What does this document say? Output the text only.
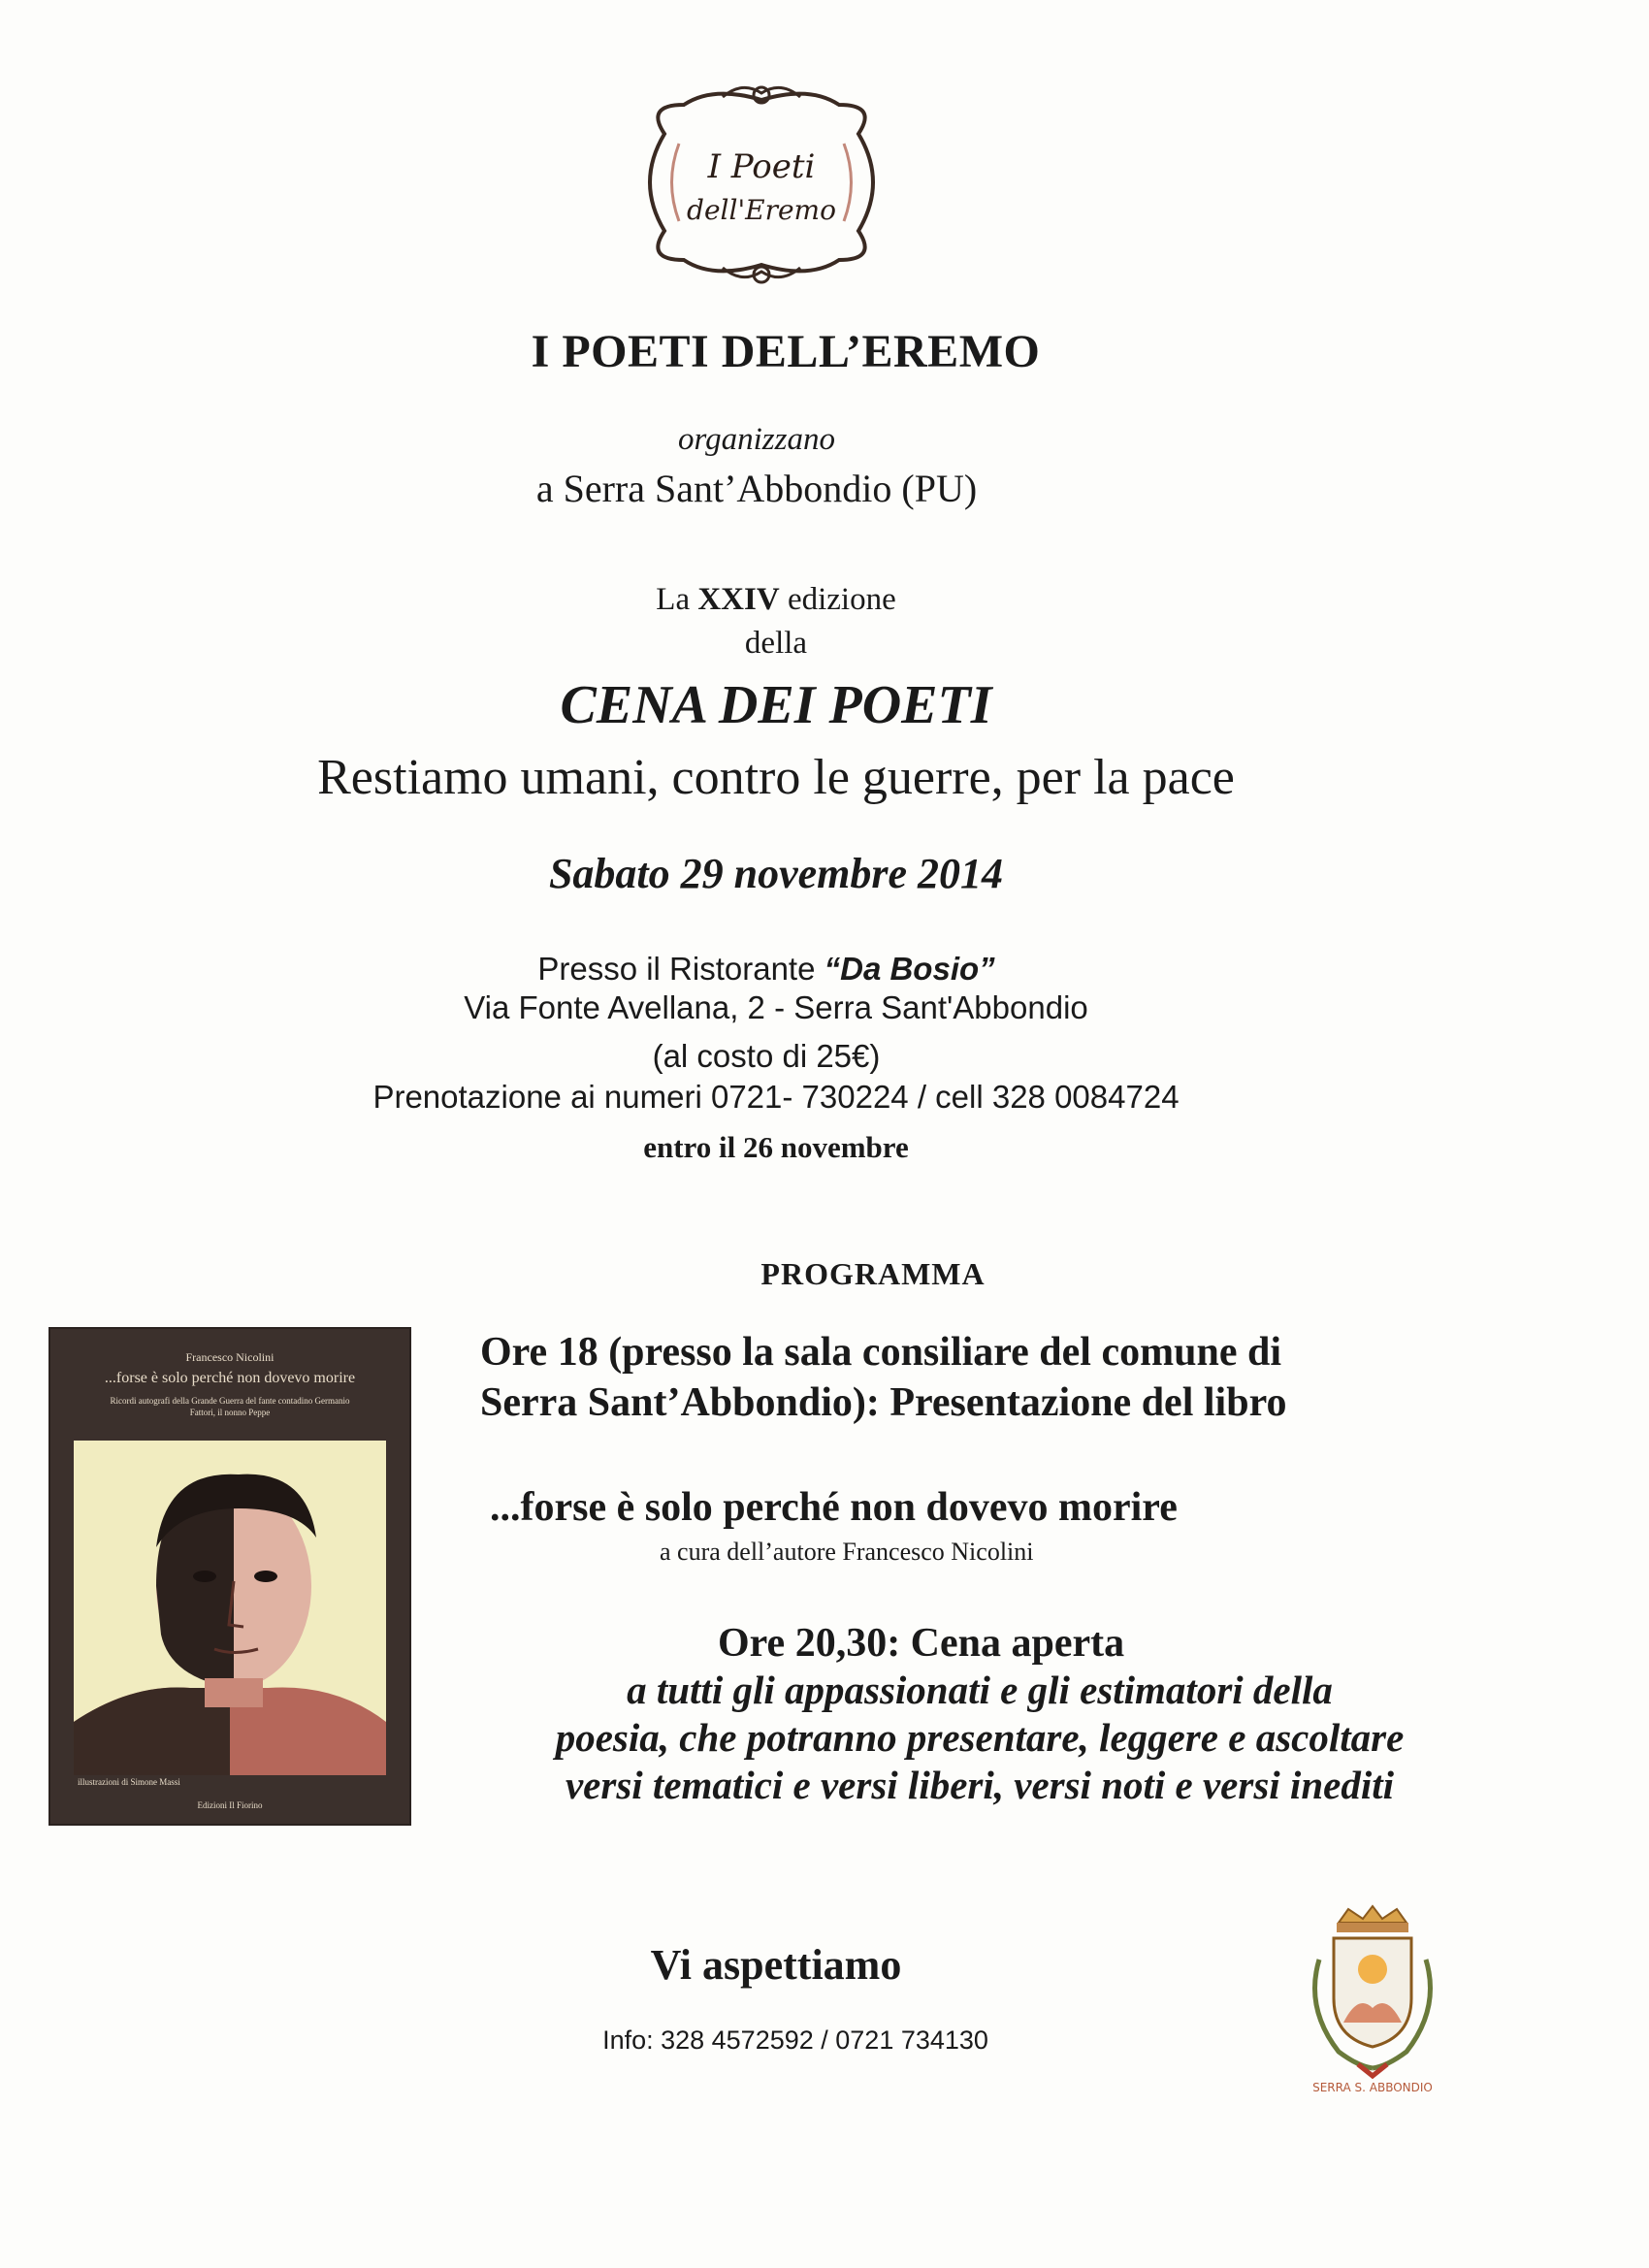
I Poeti
dell'Eremo
I POETI DELL’EREMO
organizzano
a Serra Sant’Abbondio (PU)
La XXIV edizione
della
CENA DEI POETI
Restiamo umani, contro le guerre, per la pace
Sabato 29 novembre 2014
Presso il Ristorante “Da Bosio”
Via Fonte Avellana, 2 - Serra Sant'Abbondio
(al costo di 25€)
Prenotazione ai numeri 0721- 730224 / cell 328 0084724
entro il 26 novembre
PROGRAMMA
Francesco Nicolini
...forse è solo perché non dovevo morire
Ricordi autografi della Grande Guerra del fante contadino Germanio Fattori, il nonno Peppe
illustrazioni di Simone Massi
Edizioni Il Fiorino
Ore 18 (presso la sala consiliare del comune di
Serra Sant’Abbondio): Presentazione del libro
...forse è solo perché non dovevo morire
a cura dell’autore Francesco Nicolini
Ore 20,30: Cena aperta
a tutti gli appassionati e gli estimatori della
poesia, che potranno presentare, leggere e ascoltare
versi tematici e versi liberi, versi noti e versi inediti
Vi aspettiamo
Info: 328 4572592 / 0721 734130
SERRA S. ABBONDIO
